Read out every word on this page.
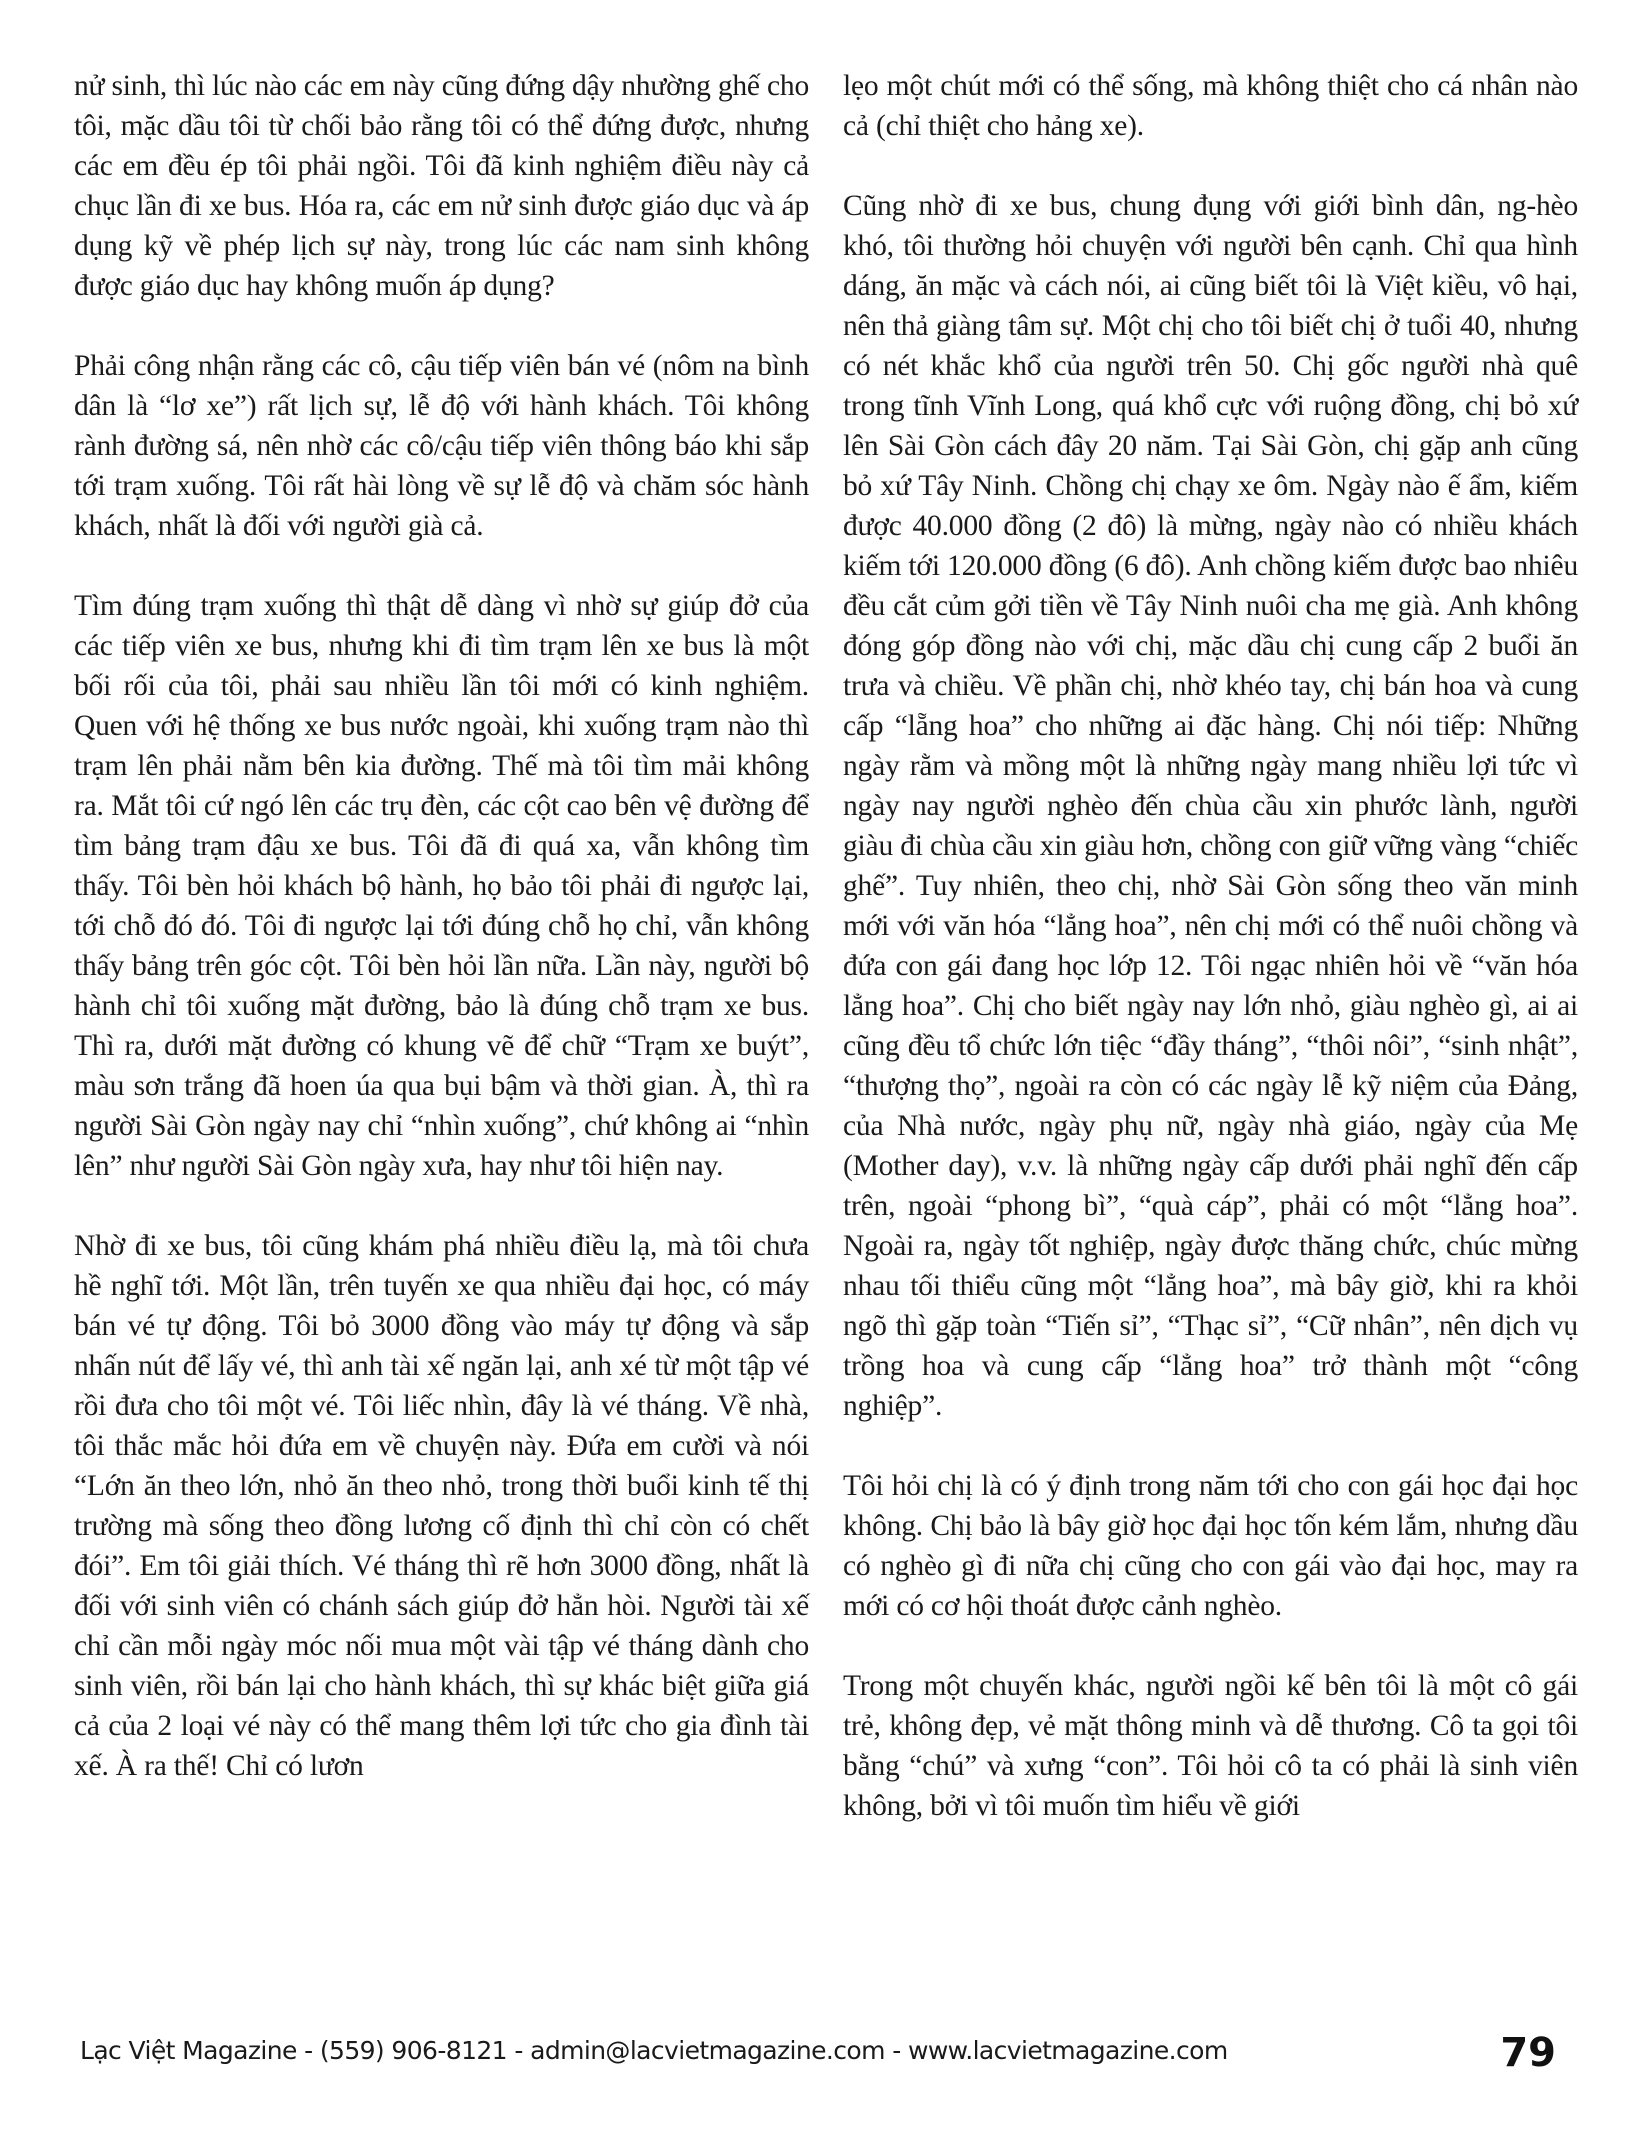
nử sinh, thì lúc nào các em này cũng đứng dậy nhường ghế cho tôi, mặc dầu tôi từ chối bảo rằng tôi có thể đứng được, nhưng các em đều ép tôi phải ngồi. Tôi đã kinh nghiệm điều này cả chục lần đi xe bus. Hóa ra, các em nử sinh được giáo dục và áp dụng kỹ về phép lịch sự này, trong lúc các nam sinh không được giáo dục hay không muốn áp dụng?

Phải công nhận rằng các cô, cậu tiếp viên bán vé (nôm na bình dân là “lơ xe”) rất lịch sự, lễ độ với hành khách. Tôi không rành đường sá, nên nhờ các cô/cậu tiếp viên thông báo khi sắp tới trạm xuống. Tôi rất hài lòng về sự lễ độ và chăm sóc hành khách, nhất là đối với người già cả.

Tìm đúng trạm xuống thì thật dễ dàng vì nhờ sự giúp đở của các tiếp viên xe bus, nhưng khi đi tìm trạm lên xe bus là một bối rối của tôi, phải sau nhiều lần tôi mới có kinh nghiệm. Quen với hệ thống xe bus nước ngoài, khi xuống trạm nào thì trạm lên phải nằm bên kia đường. Thế mà tôi tìm mải không ra. Mắt tôi cứ ngó lên các trụ đèn, các cột cao bên vệ đường để tìm bảng trạm đậu xe bus. Tôi đã đi quá xa, vẫn không tìm thấy. Tôi bèn hỏi khách bộ hành, họ bảo tôi phải đi ngược lại, tới chỗ đó đó. Tôi đi ngược lại tới đúng chỗ họ chỉ, vẫn không thấy bảng trên góc cột. Tôi bèn hỏi lần nữa. Lần này, người bộ hành chỉ tôi xuống mặt đường, bảo là đúng chỗ trạm xe bus. Thì ra, dưới mặt đường có khung vẽ để chữ “Trạm xe buýt”, màu sơn trắng đã hoen úa qua bụi bậm và thời gian. À, thì ra người Sài Gòn ngày nay chỉ “nhìn xuống”, chứ không ai “nhìn lên” như người Sài Gòn ngày xưa, hay như tôi hiện nay.

Nhờ đi xe bus, tôi cũng khám phá nhiều điều lạ, mà tôi chưa hề nghĩ tới. Một lần, trên tuyến xe qua nhiều đại học, có máy bán vé tự động. Tôi bỏ 3000 đồng vào máy tự động và sắp nhấn nút để lấy vé, thì anh tài xế ngăn lại, anh xé từ một tập vé rồi đưa cho tôi một vé. Tôi liếc nhìn, đây là vé tháng. Về nhà, tôi thắc mắc hỏi đứa em về chuyện này. Đứa em cười và nói “Lớn ăn theo lớn, nhỏ ăn theo nhỏ, trong thời buổi kinh tế thị trường mà sống theo đồng lương cố định thì chỉ còn có chết đói”. Em tôi giải thích. Vé tháng thì rẽ hơn 3000 đồng, nhất là đối với sinh viên có chánh sách giúp đở hẳn hòi. Người tài xế chỉ cần mỗi ngày móc nối mua một vài tập vé tháng dành cho sinh viên, rồi bán lại cho hành khách, thì sự khác biệt giữa giá cả của 2 loại vé này có thể mang thêm lợi tức cho gia đình tài xế. À ra thế! Chỉ có lươn

lẹo một chút mới có thể sống, mà không thiệt cho cá nhân nào cả (chỉ thiệt cho hảng xe).

Cũng nhờ đi xe bus, chung đụng với giới bình dân, ng-hèo khó, tôi thường hỏi chuyện với người bên cạnh. Chỉ qua hình dáng, ăn mặc và cách nói, ai cũng biết tôi là Việt kiều, vô hại, nên thả giàng tâm sự. Một chị cho tôi biết chị ở tuổi 40, nhưng có nét khắc khổ của người trên 50. Chị gốc người nhà quê trong tĩnh Vĩnh Long, quá khổ cực với ruộng đồng, chị bỏ xứ lên Sài Gòn cách đây 20 năm. Tại Sài Gòn, chị gặp anh cũng bỏ xứ Tây Ninh. Chồng chị chạy xe ôm. Ngày nào ế ẩm, kiếm được 40.000 đồng (2 đô) là mừng, ngày nào có nhiều khách kiếm tới 120.000 đồng (6 đô). Anh chồng kiếm được bao nhiêu đều cắt củm gởi tiền về Tây Ninh nuôi cha mẹ già. Anh không đóng góp đồng nào với chị, mặc dầu chị cung cấp 2 buổi ăn trưa và chiều. Về phần chị, nhờ khéo tay, chị bán hoa và cung cấp “lẵng hoa” cho những ai đặc hàng. Chị nói tiếp: Những ngày rằm và mồng một là những ngày mang nhiều lợi tức vì ngày nay người nghèo đến chùa cầu xin phước lành, người giàu đi chùa cầu xin giàu hơn, chồng con giữ vững vàng “chiếc ghế”. Tuy nhiên, theo chị, nhờ Sài Gòn sống theo văn minh mới với văn hóa “lẳng hoa”, nên chị mới có thể nuôi chồng và đứa con gái đang học lớp 12. Tôi ngạc nhiên hỏi về “văn hóa lẳng hoa”. Chị cho biết ngày nay lớn nhỏ, giàu nghèo gì, ai ai cũng đều tổ chức lớn tiệc “đầy tháng”, “thôi nôi”, “sinh nhật”, “thượng thọ”, ngoài ra còn có các ngày lễ kỹ niệm của Đảng, của Nhà nước, ngày phụ nữ, ngày nhà giáo, ngày của Mẹ (Mother day), v.v. là những ngày cấp dưới phải nghĩ đến cấp trên, ngoài “phong bì”, “quà cáp”, phải có một “lẳng hoa”. Ngoài ra, ngày tốt nghiệp, ngày được thăng chức, chúc mừng nhau tối thiểu cũng một “lẳng hoa”, mà bây giờ, khi ra khỏi ngõ thì gặp toàn “Tiến sỉ”, “Thạc sỉ”, “Cữ nhân”, nên dịch vụ trồng hoa và cung cấp “lẳng hoa” trở thành một “công nghiệp”.

Tôi hỏi chị là có ý định trong năm tới cho con gái học đại học không. Chị bảo là bây giờ học đại học tốn kém lắm, nhưng dầu có nghèo gì đi nữa chị cũng cho con gái vào đại học, may ra mới có cơ hội thoát được cảnh nghèo.

Trong một chuyến khác, người ngồi kế bên tôi là một cô gái trẻ, không đẹp, vẻ mặt thông minh và dễ thương. Cô ta gọi tôi bằng “chú” và xưng “con”. Tôi hỏi cô ta có phải là sinh viên không, bởi vì tôi muốn tìm hiểu về giới

Lạc Việt Magazine - (559) 906-8121 - admin@lacvietmagazine.com - www.lacvietmagazine.com	79
